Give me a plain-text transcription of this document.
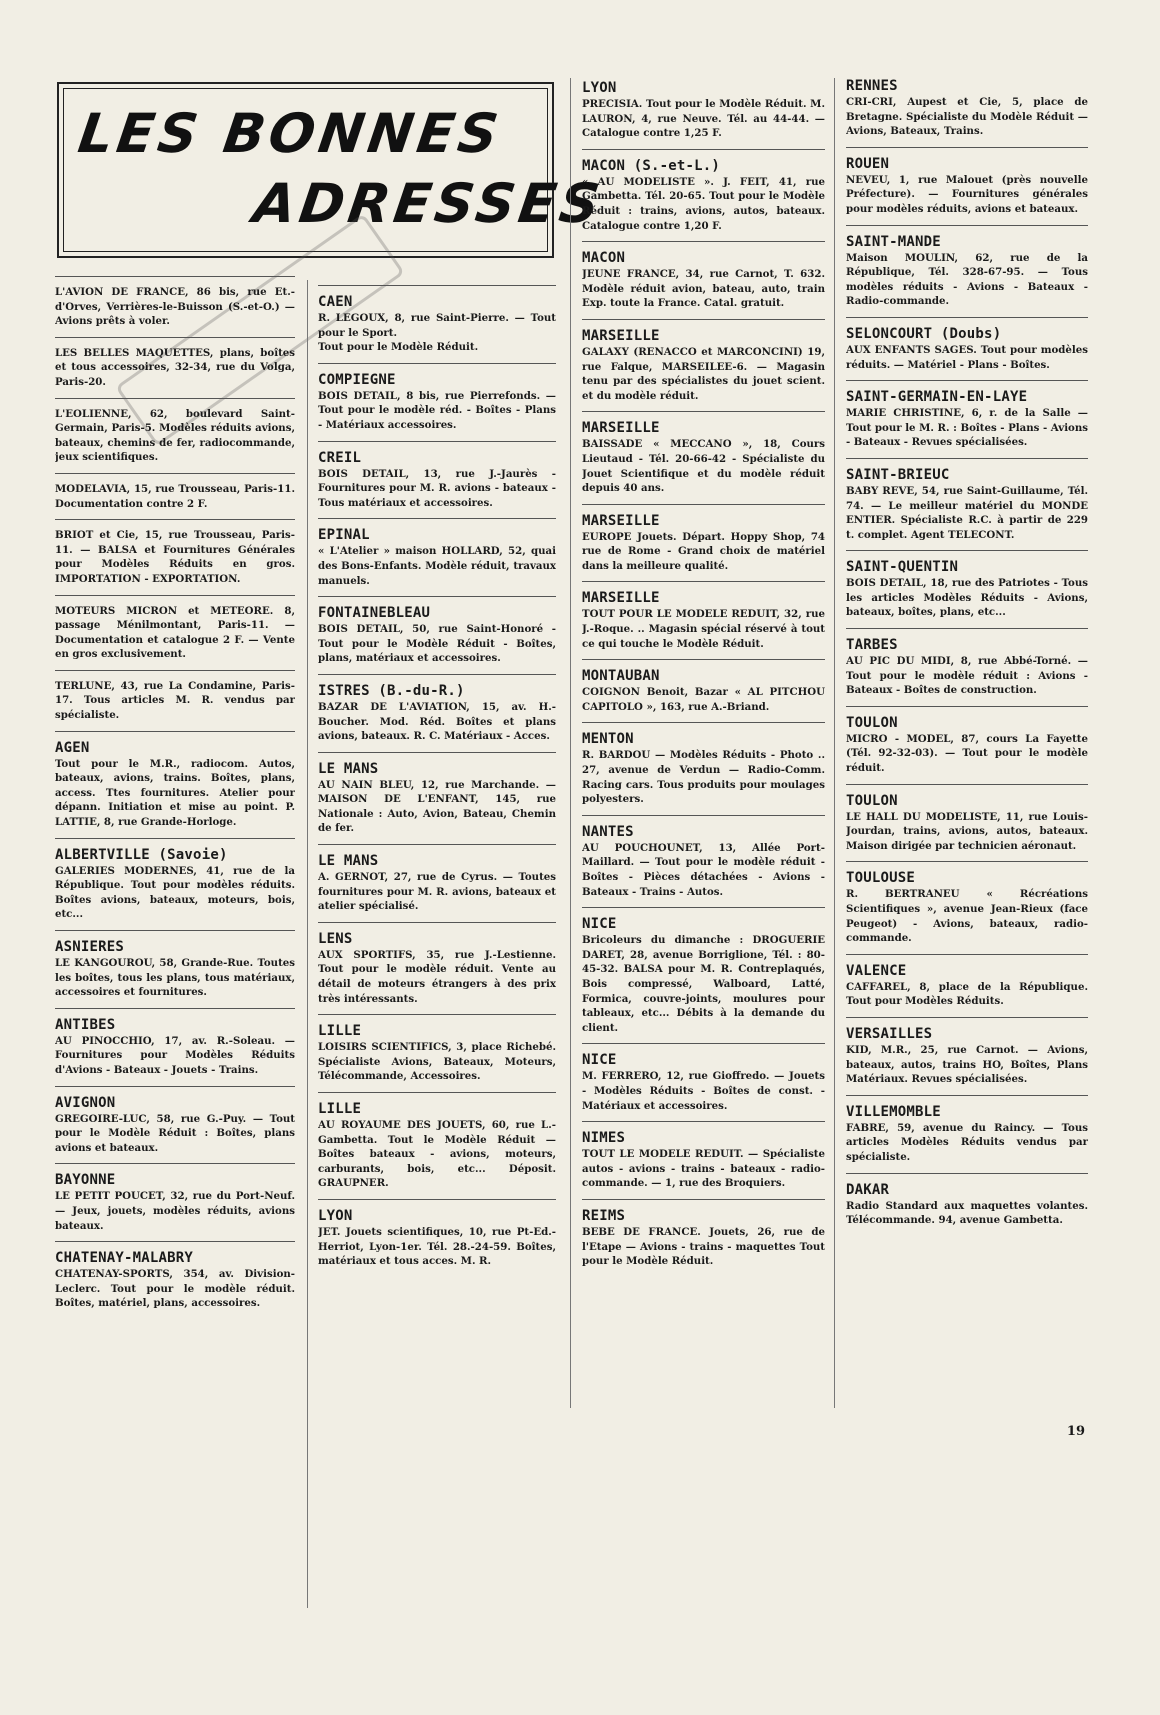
LES BONNES
ADRESSES

L'AVION DE FRANCE, 86 bis, rue Et.-d'Orves, Verrières-le-Buisson (S.-et-O.) — Avions prêts à voler.

LES BELLES MAQUETTES, plans, boîtes et tous accessoires, 32-34, rue du Volga, Paris-20.

L'EOLIENNE, 62, boulevard Saint-Germain, Paris-5. Modèles réduits avions, bateaux, chemins de fer, radiocommande, jeux scientifiques.

MODELAVIA, 15, rue Trousseau, Paris-11. Documentation contre 2 F.

BRIOT et Cie, 15, rue Trousseau, Paris-11. — BALSA et Fournitures Générales pour Modèles Réduits en gros. IMPORTATION - EXPORTATION.

MOTEURS MICRON et METEORE. 8, passage Ménilmontant, Paris-11. — Documentation et catalogue 2 F. — Vente en gros exclusivement.

TERLUNE, 43, rue La Condamine, Paris-17. Tous articles M. R. vendus par spécialiste.

AGEN

Tout pour le M.R., radiocom. Autos, bateaux, avions, trains. Boîtes, plans, access. Ttes fournitures. Atelier pour dépann. Initiation et mise au point. P. LATTIE, 8, rue Grande-Horloge.

ALBERTVILLE (Savoie)

GALERIES MODERNES, 41, rue de la République. Tout pour modèles réduits. Boîtes avions, bateaux, moteurs, bois, etc...

ASNIERES

LE KANGOUROU, 58, Grande-Rue. Toutes les boîtes, tous les plans, tous matériaux, accessoires et fournitures.

ANTIBES

AU PINOCCHIO, 17, av. R.-Soleau. — Fournitures pour Modèles Réduits d'Avions - Bateaux - Jouets - Trains.

AVIGNON

GREGOIRE-LUC, 58, rue G.-Puy. — Tout pour le Modèle Réduit : Boîtes, plans avions et bateaux.

BAYONNE

LE PETIT POUCET, 32, rue du Port-Neuf. — Jeux, jouets, modèles réduits, avions bateaux.

CHATENAY-MALABRY

CHATENAY-SPORTS, 354, av. Division-Leclerc. Tout pour le modèle réduit. Boîtes, matériel, plans, accessoires.

CAEN

R. LEGOUX, 8, rue Saint-Pierre. — Tout pour le Sport.
Tout pour le Modèle Réduit.

COMPIEGNE

BOIS DETAIL, 8 bis, rue Pierrefonds. — Tout pour le modèle réd. - Boîtes - Plans - Matériaux accessoires.

CREIL

BOIS DETAIL, 13, rue J.-Jaurès - Fournitures pour M. R. avions - bateaux - Tous matériaux et accessoires.

EPINAL

« L'Atelier » maison HOLLARD, 52, quai des Bons-Enfants. Modèle réduit, travaux manuels.

FONTAINEBLEAU

BOIS DETAIL, 50, rue Saint-Honoré - Tout pour le Modèle Réduit - Boîtes, plans, matériaux et accessoires.

ISTRES (B.-du-R.)

BAZAR DE L'AVIATION, 15, av. H.-Boucher. Mod. Réd. Boîtes et plans avions, bateaux. R. C. Matériaux - Acces.

LE MANS

AU NAIN BLEU, 12, rue Marchande. — MAISON DE L'ENFANT, 145, rue Nationale : Auto, Avion, Bateau, Chemin de fer.

LE MANS

A. GERNOT, 27, rue de Cyrus. — Toutes fournitures pour M. R. avions, bateaux et atelier spécialisé.

LENS

AUX SPORTIFS, 35, rue J.-Lestienne. Tout pour le modèle réduit. Vente au détail de moteurs étrangers à des prix très intéressants.

LILLE

LOISIRS SCIENTIFICS, 3, place Richebé. Spécialiste Avions, Bateaux, Moteurs, Télécommande, Accessoires.

LILLE

AU ROYAUME DES JOUETS, 60, rue L.-Gambetta. Tout le Modèle Réduit — Boîtes bateaux - avions, moteurs, carburants, bois, etc... Déposit. GRAUPNER.

LYON

JET. Jouets scientifiques, 10, rue Pt-Ed.-Herriot, Lyon-1er. Tél. 28.-24-59. Boîtes, matériaux et tous acces. M. R.

LYON

PRECISIA. Tout pour le Modèle Réduit. M. LAURON, 4, rue Neuve. Tél. au 44-44. — Catalogue contre 1,25 F.

MACON (S.-et-L.)

« AU MODELISTE ». J. FEIT, 41, rue Gambetta. Tél. 20-65. Tout pour le Modèle Réduit : trains, avions, autos, bateaux. Catalogue contre 1,20 F.

MACON

JEUNE FRANCE, 34, rue Carnot, T. 632. Modèle réduit avion, bateau, auto, train Exp. toute la France. Catal. gratuit.

MARSEILLE

GALAXY (RENACCO et MARCONCINI) 19, rue Falque, MARSEILEE-6. — Magasin tenu par des spécialistes du jouet scient. et du modèle réduit.

MARSEILLE

BAISSADE « MECCANO », 18, Cours Lieutaud - Tél. 20-66-42 - Spécialiste du Jouet Scientifique et du modèle réduit depuis 40 ans.

MARSEILLE

EUROPE Jouets. Départ. Hoppy Shop, 74 rue de Rome - Grand choix de matériel dans la meilleure qualité.

MARSEILLE

TOUT POUR LE MODELE REDUIT, 32, rue J.-Roque. .. Magasin spécial réservé à tout ce qui touche le Modèle Réduit.

MONTAUBAN

COIGNON Benoit, Bazar « AL PITCHOU CAPITOLO », 163, rue A.-Briand.

MENTON

R. BARDOU — Modèles Réduits - Photo .. 27, avenue de Verdun — Radio-Comm. Racing cars. Tous produits pour moulages polyesters.

NANTES

AU POUCHOUNET, 13, Allée Port-Maillard. — Tout pour le modèle réduit - Boîtes - Pièces détachées - Avions - Bateaux - Trains - Autos.

NICE

Bricoleurs du dimanche : DROGUERIE DARET, 28, avenue Borriglione, Tél. : 80-45-32. BALSA pour M. R. Contreplaqués, Bois compressé, Walboard, Latté, Formica, couvre-joints, moulures pour tableaux, etc... Débits à la demande du client.

NICE

M. FERRERO, 12, rue Gioffredo. — Jouets - Modèles Réduits - Boîtes de const. - Matériaux et accessoires.

NIMES

TOUT LE MODELE REDUIT. — Spécialiste autos - avions - trains - bateaux - radio-commande. — 1, rue des Broquiers.

REIMS

BEBE DE FRANCE. Jouets, 26, rue de l'Etape — Avions - trains - maquettes Tout pour le Modèle Réduit.

RENNES

CRI-CRI, Aupest et Cie, 5, place de Bretagne. Spécialiste du Modèle Réduit — Avions, Bateaux, Trains.

ROUEN

NEVEU, 1, rue Malouet (près nouvelle Préfecture). — Fournitures générales pour modèles réduits, avions et bateaux.

SAINT-MANDE

Maison MOULIN, 62, rue de la République, Tél. 328-67-95. — Tous modèles réduits - Avions - Bateaux - Radio-commande.

SELONCOURT (Doubs)

AUX ENFANTS SAGES. Tout pour modèles réduits. — Matériel - Plans - Boîtes.

SAINT-GERMAIN-EN-LAYE

MARIE CHRISTINE, 6, r. de la Salle — Tout pour le M. R. : Boîtes - Plans - Avions - Bateaux - Revues spécialisées.

SAINT-BRIEUC

BABY REVE, 54, rue Saint-Guillaume, Tél. 74. — Le meilleur matériel du MONDE ENTIER. Spécialiste R.C. à partir de 229 t. complet. Agent TELECONT.

SAINT-QUENTIN

BOIS DETAIL, 18, rue des Patriotes - Tous les articles Modèles Réduits - Avions, bateaux, boîtes, plans, etc...

TARBES

AU PIC DU MIDI, 8, rue Abbé-Torné. — Tout pour le modèle réduit : Avions - Bateaux - Boîtes de construction.

TOULON

MICRO - MODEL, 87, cours La Fayette (Tél. 92-32-03). — Tout pour le modèle réduit.

TOULON

LE HALL DU MODELISTE, 11, rue Louis-Jourdan, trains, avions, autos, bateaux. Maison dirigée par technicien aéronaut.

TOULOUSE

R. BERTRANEU « Récréations Scientifiques », avenue Jean-Rieux (face Peugeot) - Avions, bateaux, radio-commande.

VALENCE

CAFFAREL, 8, place de la République. Tout pour Modèles Réduits.

VERSAILLES

KID, M.R., 25, rue Carnot. — Avions, bateaux, autos, trains HO, Boîtes, Plans Matériaux. Revues spécialisées.

VILLEMOMBLE

FABRE, 59, avenue du Raincy. — Tous articles Modèles Réduits vendus par spécialiste.

DAKAR

Radio Standard aux maquettes volantes. Télécommande. 94, avenue Gambetta.

19
